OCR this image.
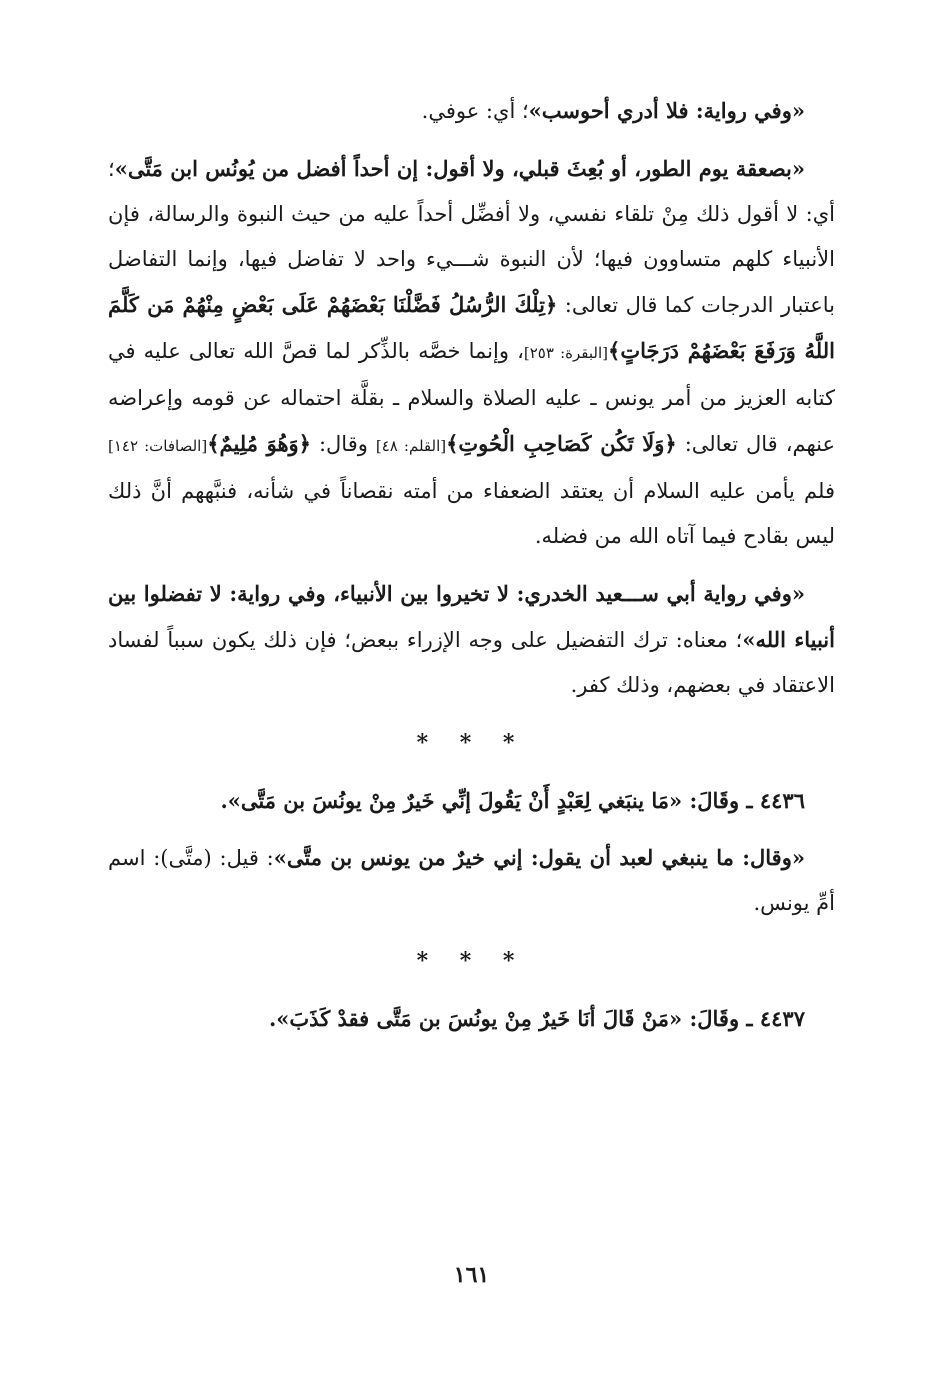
«وفي رواية: فلا أدري أحوسب»؛ أي: عوفي.

«بصعقة يوم الطور، أو بُعِثَ قبلي، ولا أقول: إن أحداً أفضل من يُونُس ابن مَتَّى»؛ أي: لا أقول ذلك مِنْ تلقاء نفسي، ولا أفضِّل أحداً عليه من حيث النبوة والرسالة، فإن الأنبياء كلهم متساوون فيها؛ لأن النبوة شـــيء واحد لا تفاضل فيها، وإنما التفاضل باعتبار الدرجات كما قال تعالى: ﴿تِلْكَ الرُّسُلُ فَضَّلْنَا بَعْضَهُمْ عَلَى بَعْضٍ مِنْهُمْ مَن كَلَّمَ اللَّهُ وَرَفَعَ بَعْضَهُمْ دَرَجَاتٍ﴾[البقرة: ٢٥٣]، وإنما خصَّه بالذِّكر لما قصَّ الله تعالى عليه في كتابه العزيز من أمر يونس ـ عليه الصلاة والسلام ـ بقلَّة احتماله عن قومه وإعراضه عنهم، قال تعالى: ﴿وَلَا تَكُن كَصَاحِبِ الْحُوتِ﴾[القلم: ٤٨] وقال: ﴿وَهُوَ مُلِيمٌ﴾[الصافات: ١٤٢] فلم يأمن عليه السلام أن يعتقد الضعفاء من أمته نقصاناً في شأنه، فنبَّههم أنَّ ذلك ليس بقادح فيما آتاه الله من فضله.

«وفي رواية أبي ســـعيد الخدري: لا تخيروا بين الأنبياء، وفي رواية: لا تفضلوا بين أنبياء الله»؛ معناه: ترك التفضيل على وجه الإزراء ببعض؛ فإن ذلك يكون سبباً لفساد الاعتقاد في بعضهم، وذلك كفر.

* * *

٤٤٣٦ ـ وقَالَ: «مَا ينبَغي لِعَبْدٍ أَنْ يَقُولَ إنِّي خَيرٌ مِنْ يونُسَ بن مَتَّى».

«وقال: ما ينبغي لعبد أن يقول: إني خيرٌ من يونس بن متَّى»: قيل: (متَّى): اسم أمِّ يونس.

* * *

٤٤٣٧ ـ وقَالَ: «مَنْ قَالَ أنَا خَيرٌ مِنْ يونُسَ بن مَتَّى فقدْ كَذَبَ».

١٦١
